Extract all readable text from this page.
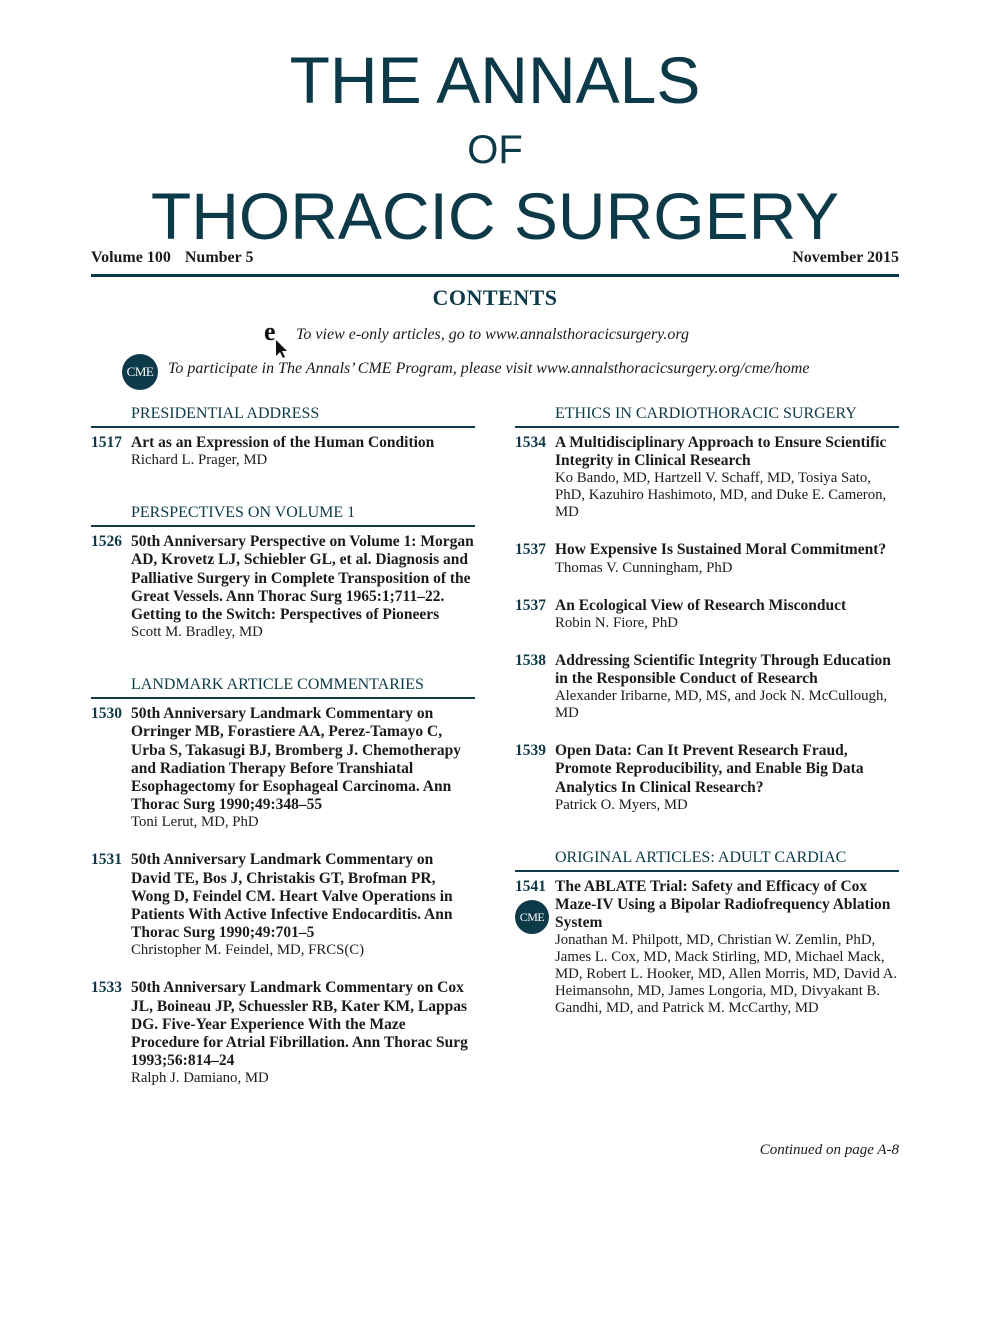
THE ANNALS
OF
THORACIC SURGERY
Volume 100 Number 5	November 2015
CONTENTS
e To view e-only articles, go to www.annalsthoracicsurgery.org
CME To participate in The Annals’ CME Program, please visit www.annalsthoracicsurgery.org/cme/home
PRESIDENTIAL ADDRESS
1517 Art as an Expression of the Human Condition
Richard L. Prager, MD
PERSPECTIVES ON VOLUME 1
1526 50th Anniversary Perspective on Volume 1: Morgan AD, Krovetz LJ, Schiebler GL, et al. Diagnosis and Palliative Surgery in Complete Transposition of the Great Vessels. Ann Thorac Surg 1965:1;711–22. Getting to the Switch: Perspectives of Pioneers
Scott M. Bradley, MD
LANDMARK ARTICLE COMMENTARIES
1530 50th Anniversary Landmark Commentary on Orringer MB, Forastiere AA, Perez-Tamayo C, Urba S, Takasugi BJ, Bromberg J. Chemotherapy and Radiation Therapy Before Transhiatal Esophagectomy for Esophageal Carcinoma. Ann Thorac Surg 1990;49:348–55
Toni Lerut, MD, PhD
1531 50th Anniversary Landmark Commentary on David TE, Bos J, Christakis GT, Brofman PR, Wong D, Feindel CM. Heart Valve Operations in Patients With Active Infective Endocarditis. Ann Thorac Surg 1990;49:701–5
Christopher M. Feindel, MD, FRCS(C)
1533 50th Anniversary Landmark Commentary on Cox JL, Boineau JP, Schuessler RB, Kater KM, Lappas DG. Five-Year Experience With the Maze Procedure for Atrial Fibrillation. Ann Thorac Surg 1993;56:814–24
Ralph J. Damiano, MD
ETHICS IN CARDIOTHORACIC SURGERY
1534 A Multidisciplinary Approach to Ensure Scientific Integrity in Clinical Research
Ko Bando, MD, Hartzell V. Schaff, MD, Tosiya Sato, PhD, Kazuhiro Hashimoto, MD, and Duke E. Cameron, MD
1537 How Expensive Is Sustained Moral Commitment?
Thomas V. Cunningham, PhD
1537 An Ecological View of Research Misconduct
Robin N. Fiore, PhD
1538 Addressing Scientific Integrity Through Education in the Responsible Conduct of Research
Alexander Iribarne, MD, MS, and Jock N. McCullough, MD
1539 Open Data: Can It Prevent Research Fraud, Promote Reproducibility, and Enable Big Data Analytics In Clinical Research?
Patrick O. Myers, MD
ORIGINAL ARTICLES: ADULT CARDIAC
1541
CME
The ABLATE Trial: Safety and Efficacy of Cox Maze-IV Using a Bipolar Radiofrequency Ablation System
Jonathan M. Philpott, MD, Christian W. Zemlin, PhD, James L. Cox, MD, Mack Stirling, MD, Michael Mack, MD, Robert L. Hooker, MD, Allen Morris, MD, David A. Heimansohn, MD, James Longoria, MD, Divyakant B. Gandhi, MD, and Patrick M. McCarthy, MD
Continued on page A-8
